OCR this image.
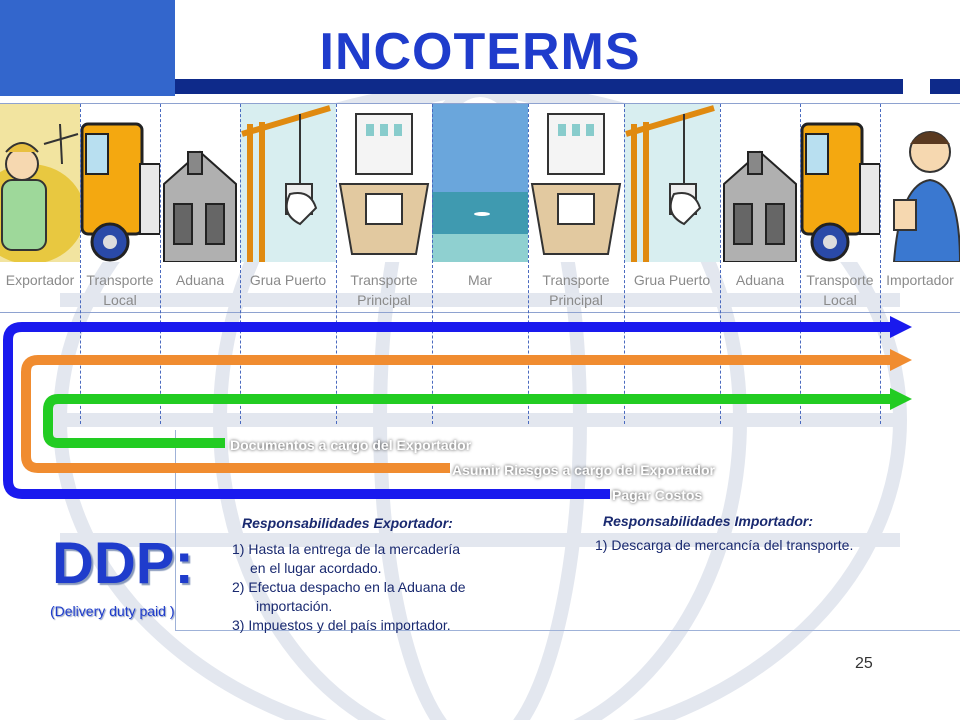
INCOTERMS
Exportador Transporte
Local
Aduana	Grua Puerto	Transporte
Principal
Mar	Transporte
Principal
Grua Puerto	Aduana	Transporte
Local
Importador
Documentos a cargo del Exportador
Asumir Riesgos a cargo del Exportador
Pagar Costos
DDP:
(Delivery duty paid )
Responsabilidades Exportador:
1) Hasta la entrega de la mercadería
en el lugar acordado.
2) Efectua despacho en la Aduana de
importación.
3) Impuestos y del país importador.
Responsabilidades Importador:
1) Descarga de mercancía del transporte.
25
